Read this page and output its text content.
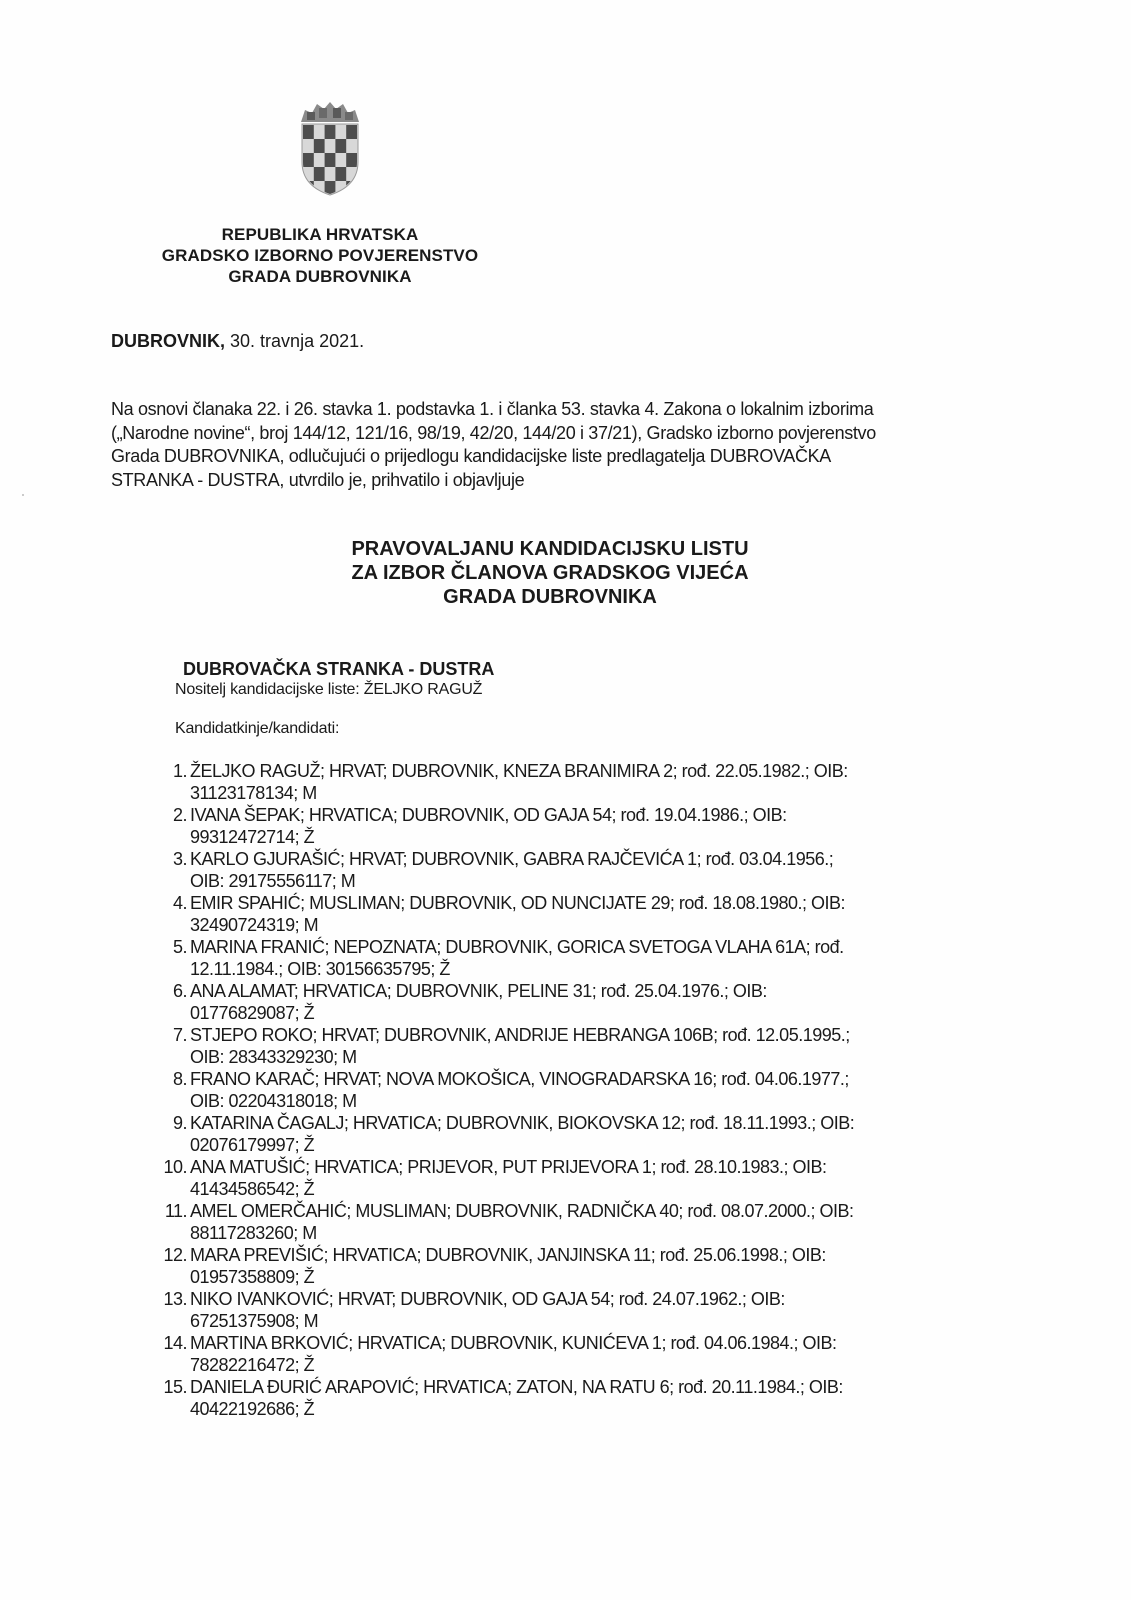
REPUBLIKA HRVATSKA
GRADSKO IZBORNO POVJERENSTVO
GRADA DUBROVNIKA
DUBROVNIK, 30. travnja 2021.
Na osnovi članaka 22. i 26. stavka 1. podstavka 1. i članka 53. stavka 4. Zakona o lokalnim izborima
(„Narodne novine“, broj 144/12, 121/16, 98/19, 42/20, 144/20 i 37/21), Gradsko izborno povjerenstvo
Grada DUBROVNIKA, odlučujući o prijedlogu kandidacijske liste predlagatelja DUBROVAČKA
STRANKA - DUSTRA, utvrdilo je, prihvatilo i objavljuje
PRAVOVALJANU KANDIDACIJSKU LISTU
ZA IZBOR ČLANOVA GRADSKOG VIJEĆA
GRADA DUBROVNIKA
DUBROVAČKA STRANKA - DUSTRA
Nositelj kandidacijske liste: ŽELJKO RAGUŽ
Kandidatkinje/kandidati:
1. ŽELJKO RAGUŽ; HRVAT; DUBROVNIK, KNEZA BRANIMIRA 2; rođ. 22.05.1982.; OIB:
31123178134; M
2. IVANA ŠEPAK; HRVATICA; DUBROVNIK, OD GAJA 54; rođ. 19.04.1986.; OIB:
99312472714; Ž
3. KARLO GJURAŠIĆ; HRVAT; DUBROVNIK, GABRA RAJČEVIĆA 1; rođ. 03.04.1956.;
OIB: 29175556117; M
4. EMIR SPAHIĆ; MUSLIMAN; DUBROVNIK, OD NUNCIJATE 29; rođ. 18.08.1980.; OIB:
32490724319; M
5. MARINA FRANIĆ; NEPOZNATA; DUBROVNIK, GORICA SVETOGA VLAHA 61A; rođ.
12.11.1984.; OIB: 30156635795; Ž
6. ANA ALAMAT; HRVATICA; DUBROVNIK, PELINE 31; rođ. 25.04.1976.; OIB:
01776829087; Ž
7. STJEPO ROKO; HRVAT; DUBROVNIK, ANDRIJE HEBRANGA 106B; rođ. 12.05.1995.;
OIB: 28343329230; M
8. FRANO KARAČ; HRVAT; NOVA MOKOŠICA, VINOGRADARSKA 16; rođ. 04.06.1977.;
OIB: 02204318018; M
9. KATARINA ČAGALJ; HRVATICA; DUBROVNIK, BIOKOVSKA 12; rođ. 18.11.1993.; OIB:
02076179997; Ž
10. ANA MATUŠIĆ; HRVATICA; PRIJEVOR, PUT PRIJEVORA 1; rođ. 28.10.1983.; OIB:
41434586542; Ž
11. AMEL OMERČAHIĆ; MUSLIMAN; DUBROVNIK, RADNIČKA 40; rođ. 08.07.2000.; OIB:
88117283260; M
12. MARA PREVIŠIĆ; HRVATICA; DUBROVNIK, JANJINSKA 11; rođ. 25.06.1998.; OIB:
01957358809; Ž
13. NIKO IVANKOVIĆ; HRVAT; DUBROVNIK, OD GAJA 54; rođ. 24.07.1962.; OIB:
67251375908; M
14. MARTINA BRKOVIĆ; HRVATICA; DUBROVNIK, KUNIĆEVA 1; rođ. 04.06.1984.; OIB:
78282216472; Ž
15. DANIELA ĐURIĆ ARAPOVIĆ; HRVATICA; ZATON, NA RATU 6; rođ. 20.11.1984.; OIB:
40422192686; Ž
